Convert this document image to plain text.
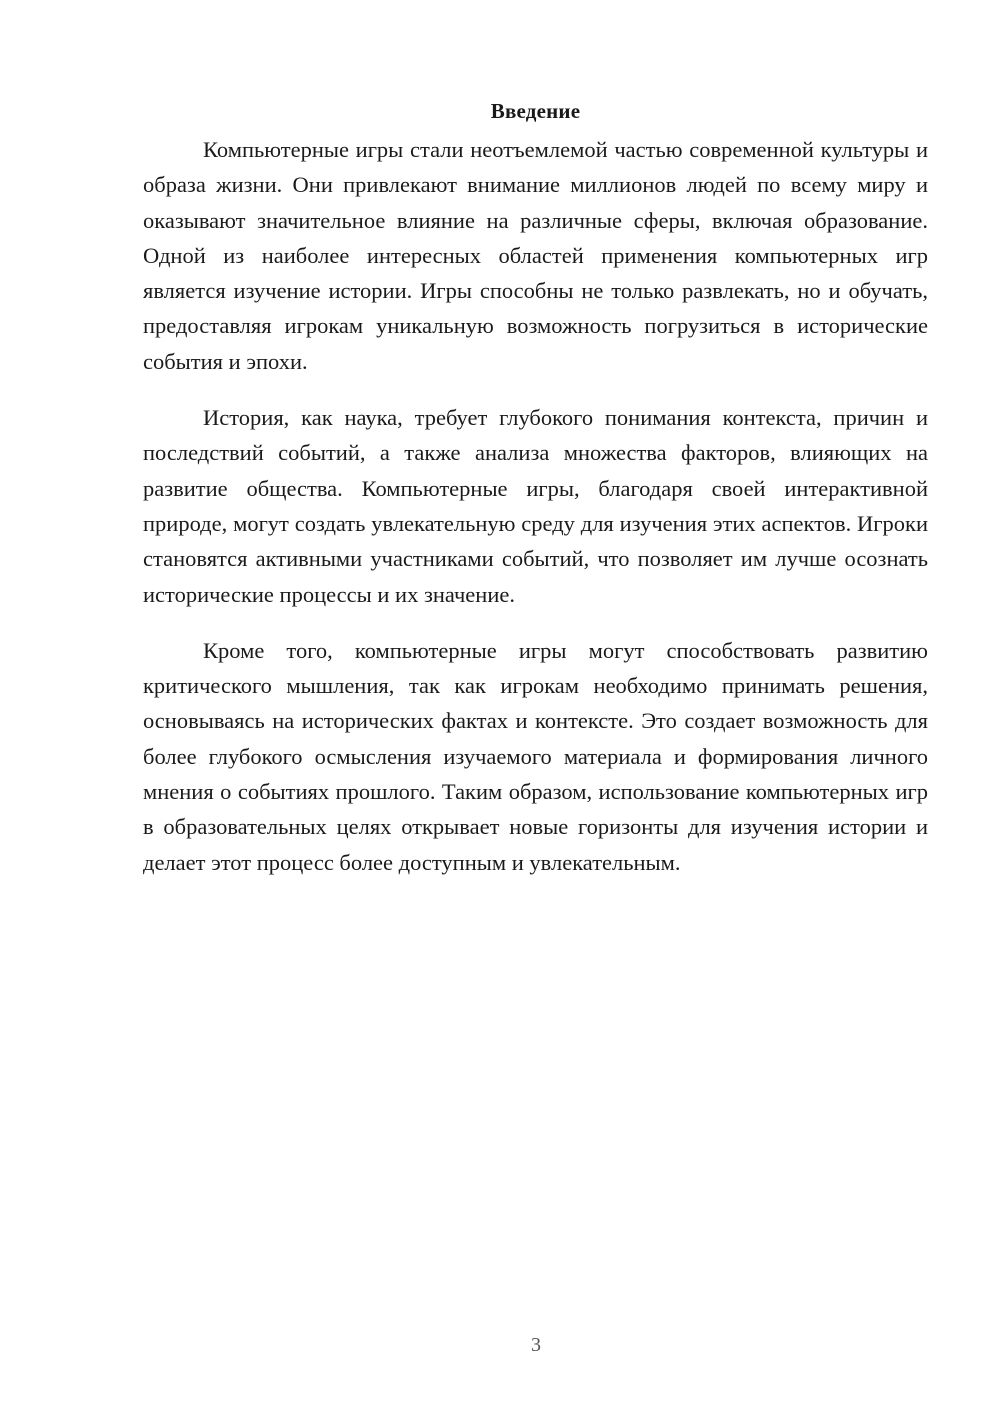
Введение

Компьютерные игры стали неотъемлемой частью современной культуры и образа жизни. Они привлекают внимание миллионов людей по всему миру и оказывают значительное влияние на различные сферы, включая образование. Одной из наиболее интересных областей применения компьютерных игр является изучение истории. Игры способны не только развлекать, но и обучать, предоставляя игрокам уникальную возможность погрузиться в исторические события и эпохи.

История, как наука, требует глубокого понимания контекста, причин и последствий событий, а также анализа множества факторов, влияющих на развитие общества. Компьютерные игры, благодаря своей интерактивной природе, могут создать увлекательную среду для изучения этих аспектов. Игроки становятся активными участниками событий, что позволяет им лучше осознать исторические процессы и их значение.

Кроме того, компьютерные игры могут способствовать развитию критического мышления, так как игрокам необходимо принимать решения, основываясь на исторических фактах и контексте. Это создает возможность для более глубокого осмысления изучаемого материала и формирования личного мнения о событиях прошлого. Таким образом, использование компьютерных игр в образовательных целях открывает новые горизонты для изучения истории и делает этот процесс более доступным и увлекательным.

3
